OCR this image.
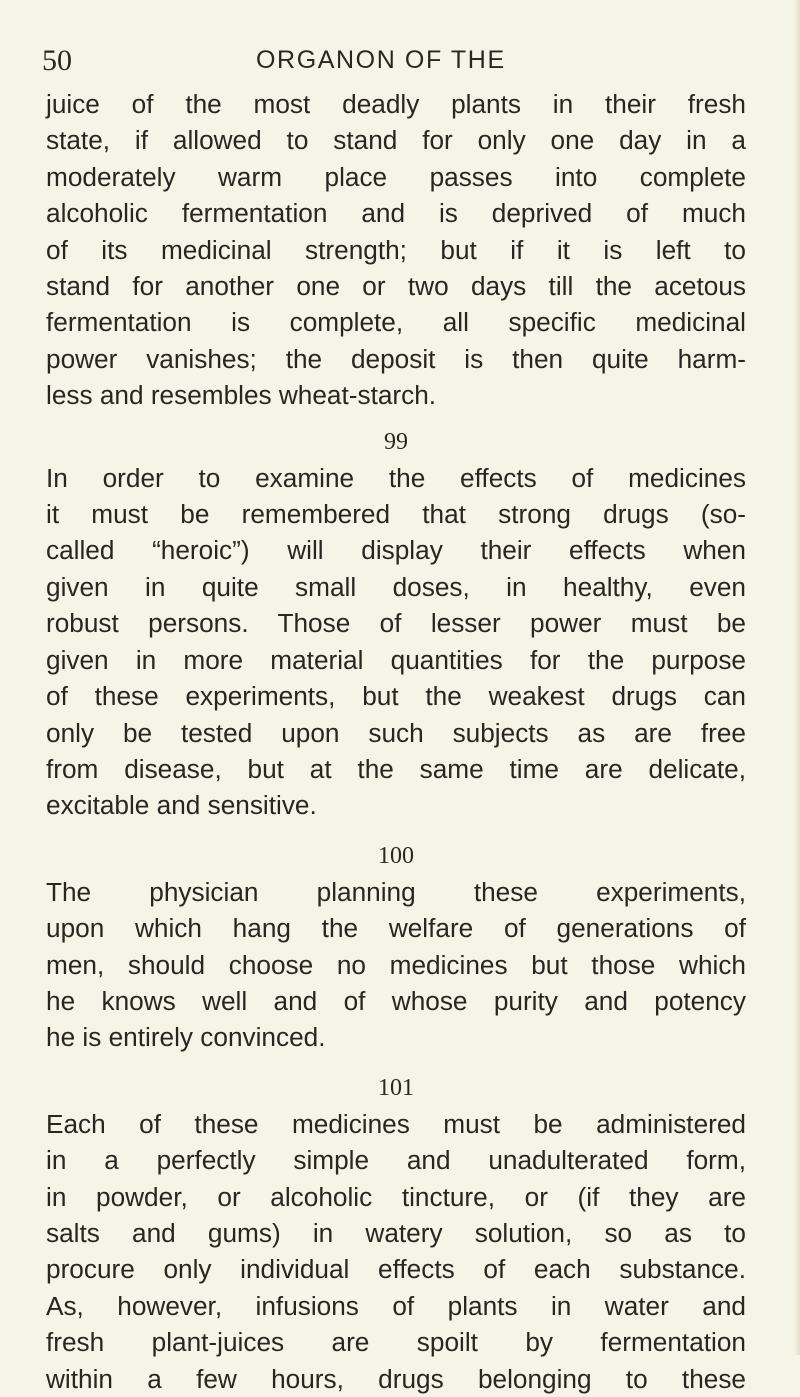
50	ORGANON OF THE

juice of the most deadly plants in their fresh
state, if allowed to stand for only one day in a
moderately warm place passes into complete
alcoholic fermentation and is deprived of much
of its medicinal strength; but if it is left to
stand for another one or two days till the acetous
fermentation is complete, all specific medicinal
power vanishes; the deposit is then quite harm-
less and resembles wheat-starch.

99

In order to examine the effects of medicines
it must be remembered that strong drugs (so-
called “heroic”) will display their effects when
given in quite small doses, in healthy, even
robust persons. Those of lesser power must be
given in more material quantities for the purpose
of these experiments, but the weakest drugs can
only be tested upon such subjects as are free
from disease, but at the same time are delicate,
excitable and sensitive.

100

The physician planning these experiments,
upon which hang the welfare of generations of
men, should choose no medicines but those which
he knows well and of whose purity and potency
he is entirely convinced.

101

Each of these medicines must be administered
in a perfectly simple and unadulterated form,
in powder, or alcoholic tincture, or (if they are
salts and gums) in watery solution, so as to
procure only individual effects of each substance.
As, however, infusions of plants in water and
fresh plant-juices are spoilt by fermentation
within a few hours, drugs belonging to these
